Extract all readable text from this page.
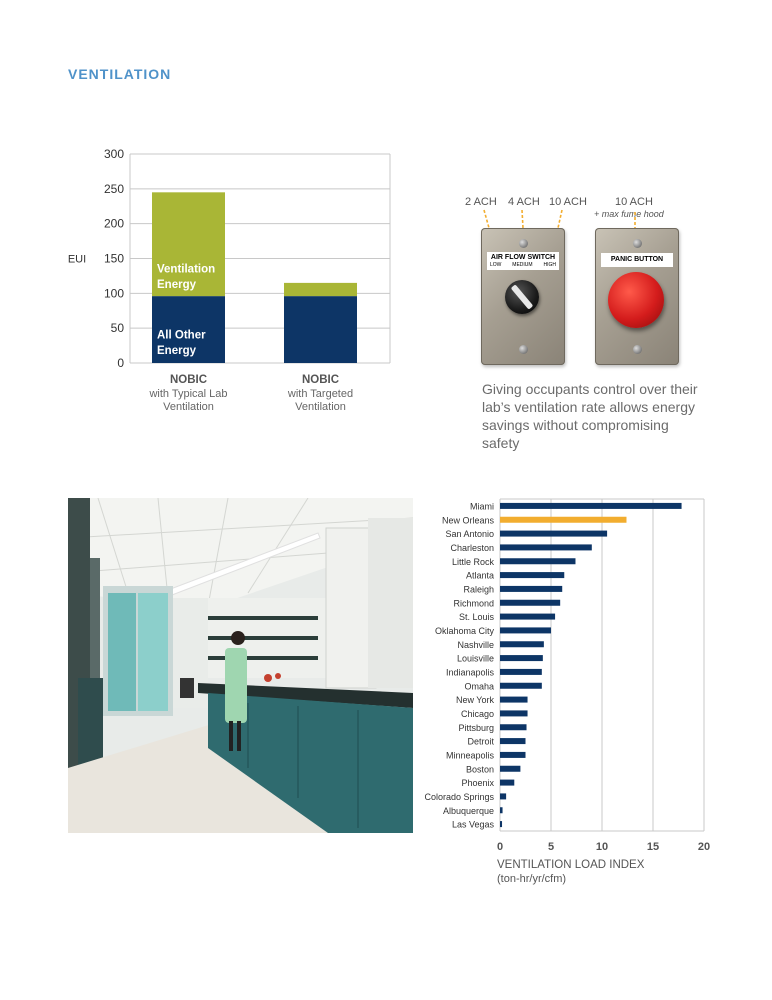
VENTILATION
0
50
100
150
200
250
300
EUI
NOBIC
with Typical Lab
Ventilation
NOBIC
with Targeted
Ventilation
Ventilation
Energy
All Other
Energy
2 ACH 4 ACH 10 ACH	10 ACH
+ max fume hood
AIR FLOW SWITCH
LOW MEDIUM HIGH
PANIC BUTTON
Giving occupants control over their lab’s ventilation rate allows energy savings without compromising safety
0	5	10	15	20
Miami
New Orleans
San Antonio
Charleston
Little Rock
Atlanta
Raleigh
Richmond
St. Louis
Oklahoma City
Nashville
Louisville
Indianapolis
Omaha
New York
Chicago
Pittsburg
Detroit
Minneapolis
Boston
Phoenix
Colorado Springs
Albuquerque
Las Vegas
VENTILATION LOAD INDEX
(ton-hr/yr/cfm)
